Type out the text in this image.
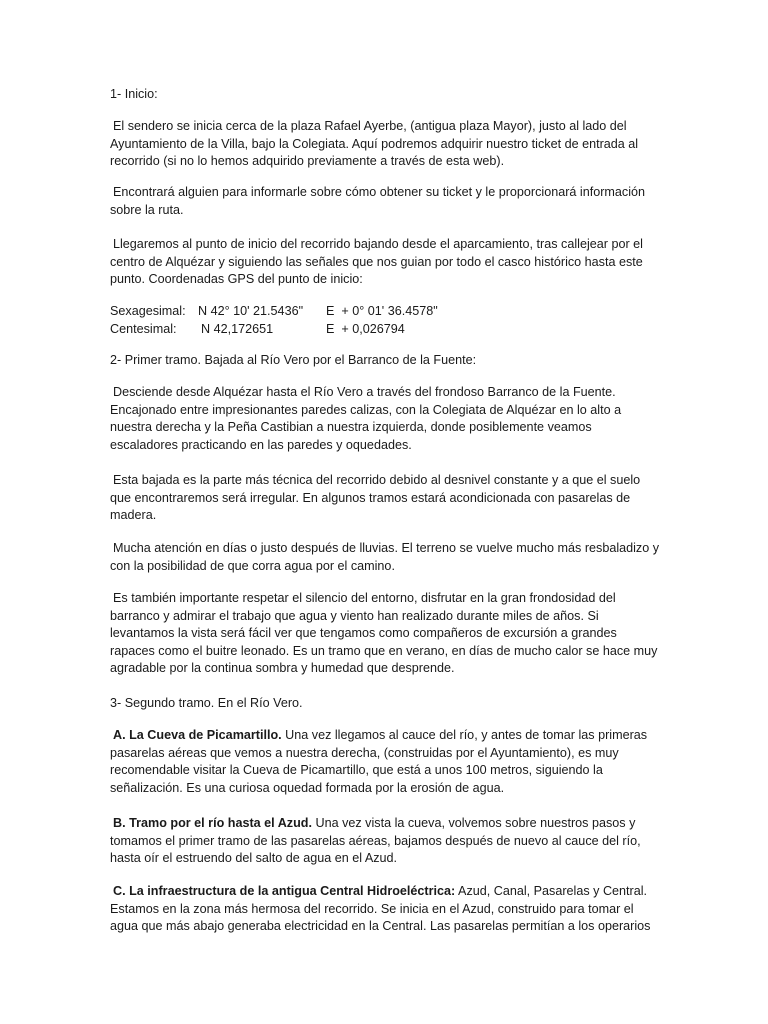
1- Inicio:

El sendero se inicia cerca de la plaza Rafael Ayerbe, (antigua plaza Mayor), justo al lado del Ayuntamiento de la Villa, bajo la Colegiata. Aquí podremos adquirir nuestro ticket de entrada al recorrido (si no lo hemos adquirido previamente a través de esta web).

Encontrará alguien para informarle sobre cómo obtener su ticket y le proporcionará información sobre la ruta.

Llegaremos al punto de inicio del recorrido bajando desde el aparcamiento, tras callejear por el centro de Alquézar y siguiendo las señales que nos guian por todo el casco histórico hasta este punto. Coordenadas GPS del punto de inicio:

Sexagesimal: N 42° 10' 21.5436" E  + 0° 01' 36.4578"
Centesimal: N 42,172651	E  + 0,026794

2- Primer tramo. Bajada al Río Vero por el Barranco de la Fuente:

Desciende desde Alquézar hasta el Río Vero a través del frondoso Barranco de la Fuente. Encajonado entre impresionantes paredes calizas, con la Colegiata de Alquézar en lo alto a nuestra derecha y la Peña Castibian a nuestra izquierda, donde posiblemente veamos escaladores practicando en las paredes y oquedades.

Esta bajada es la parte más técnica del recorrido debido al desnivel constante y a que el suelo que encontraremos será irregular. En algunos tramos estará acondicionada con pasarelas de madera.

Mucha atención en días o justo después de lluvias. El terreno se vuelve mucho más resbaladizo y con la posibilidad de que corra agua por el camino.

Es también importante respetar el silencio del entorno, disfrutar en la gran frondosidad del barranco y admirar el trabajo que agua y viento han realizado durante miles de años. Si levantamos la vista será fácil ver que tengamos como compañeros de excursión a grandes rapaces como el buitre leonado. Es un tramo que en verano, en días de mucho calor se hace muy agradable por la continua sombra y humedad que desprende.

3- Segundo tramo. En el Río Vero.

A. La Cueva de Picamartillo. Una vez llegamos al cauce del río, y antes de tomar las primeras pasarelas aéreas que vemos a nuestra derecha, (construidas por el Ayuntamiento), es muy recomendable visitar la Cueva de Picamartillo, que está a unos 100 metros, siguiendo la señalización. Es una curiosa oquedad formada por la erosión de agua.

B. Tramo por el río hasta el Azud. Una vez vista la cueva, volvemos sobre nuestros pasos y tomamos el primer tramo de las pasarelas aéreas, bajamos después de nuevo al cauce del río, hasta oír el estruendo del salto de agua en el Azud.

C. La infraestructura de la antigua Central Hidroeléctrica: Azud, Canal, Pasarelas y Central. Estamos en la zona más hermosa del recorrido. Se inicia en el Azud, construido para tomar el agua que más abajo generaba electricidad en la Central. Las pasarelas permitían a los operarios
